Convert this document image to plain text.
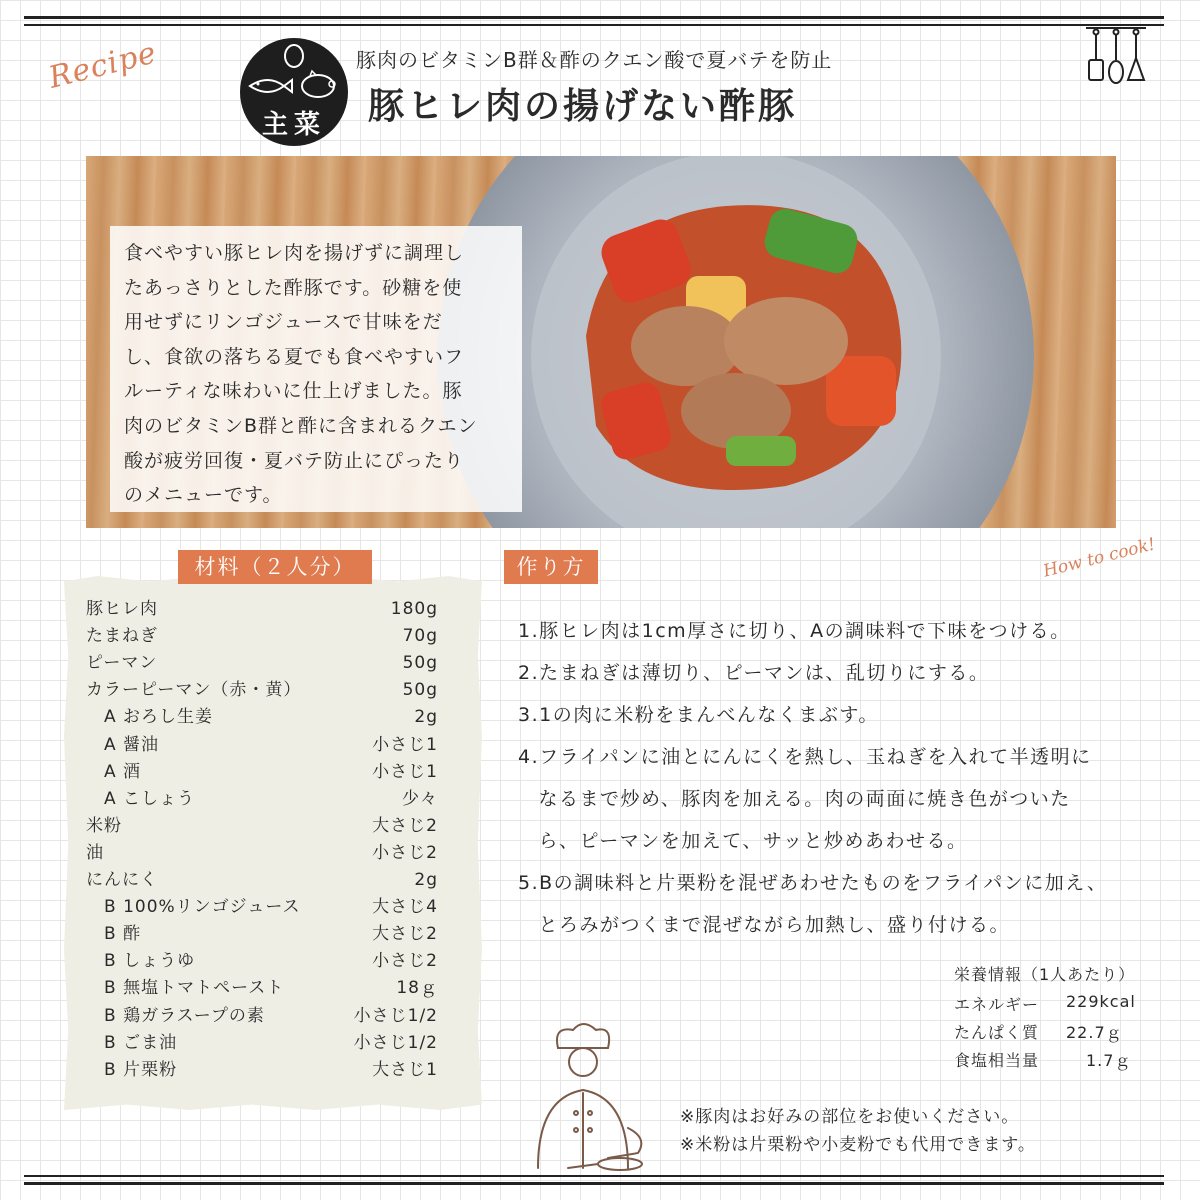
Recipe
主菜
豚肉のビタミンB群＆酢のクエン酸で夏バテを防止
豚ヒレ肉の揚げない酢豚
食べやすい豚ヒレ肉を揚げずに調理し
たあっさりとした酢豚です。砂糖を使
用せずにリンゴジュースで甘味をだ
し、食欲の落ちる夏でも食べやすいフ
ルーティな味わいに仕上げました。豚
肉のビタミンB群と酢に含まれるクエン
酸が疲労回復・夏バテ防止にぴったり
のメニューです。
材料（２人分）
豚ヒレ肉	180g
たまねぎ	70g
ピーマン	50g
カラーピーマン（赤・黄）	50g
A おろし生姜	2g
A 醤油	小さじ1
A 酒	小さじ1
A こしょう	少々
米粉	大さじ2
油	小さじ2
にんにく	2g
B 100%リンゴジュース	大さじ4
B 酢	大さじ2
B しょうゆ	小さじ2
B 無塩トマトペースト	18ｇ
B 鶏ガラスープの素	小さじ1/2
B ごま油	小さじ1/2
B 片栗粉	大さじ1
作り方	How to cook!
1.豚ヒレ肉は1cm厚さに切り、Aの調味料で下味をつける。
2.たまねぎは薄切り、ピーマンは、乱切りにする。
3.1の肉に米粉をまんべんなくまぶす。
4.フライパンに油とにんにくを熱し、玉ねぎを入れて半透明に
　なるまで炒め、豚肉を加える。肉の両面に焼き色がついた
　ら、ピーマンを加えて、サッと炒めあわせる。
5.Bの調味料と片栗粉を混ぜあわせたものをフライパンに加え、
　とろみがつくまで混ぜながら加熱し、盛り付ける。
栄養情報（1人あたり）
エネルギー 229kcal
たんぱく質 22.7ｇ
食塩相当量	1.7ｇ
※豚肉はお好みの部位をお使いください。
※米粉は片栗粉や小麦粉でも代用できます。
